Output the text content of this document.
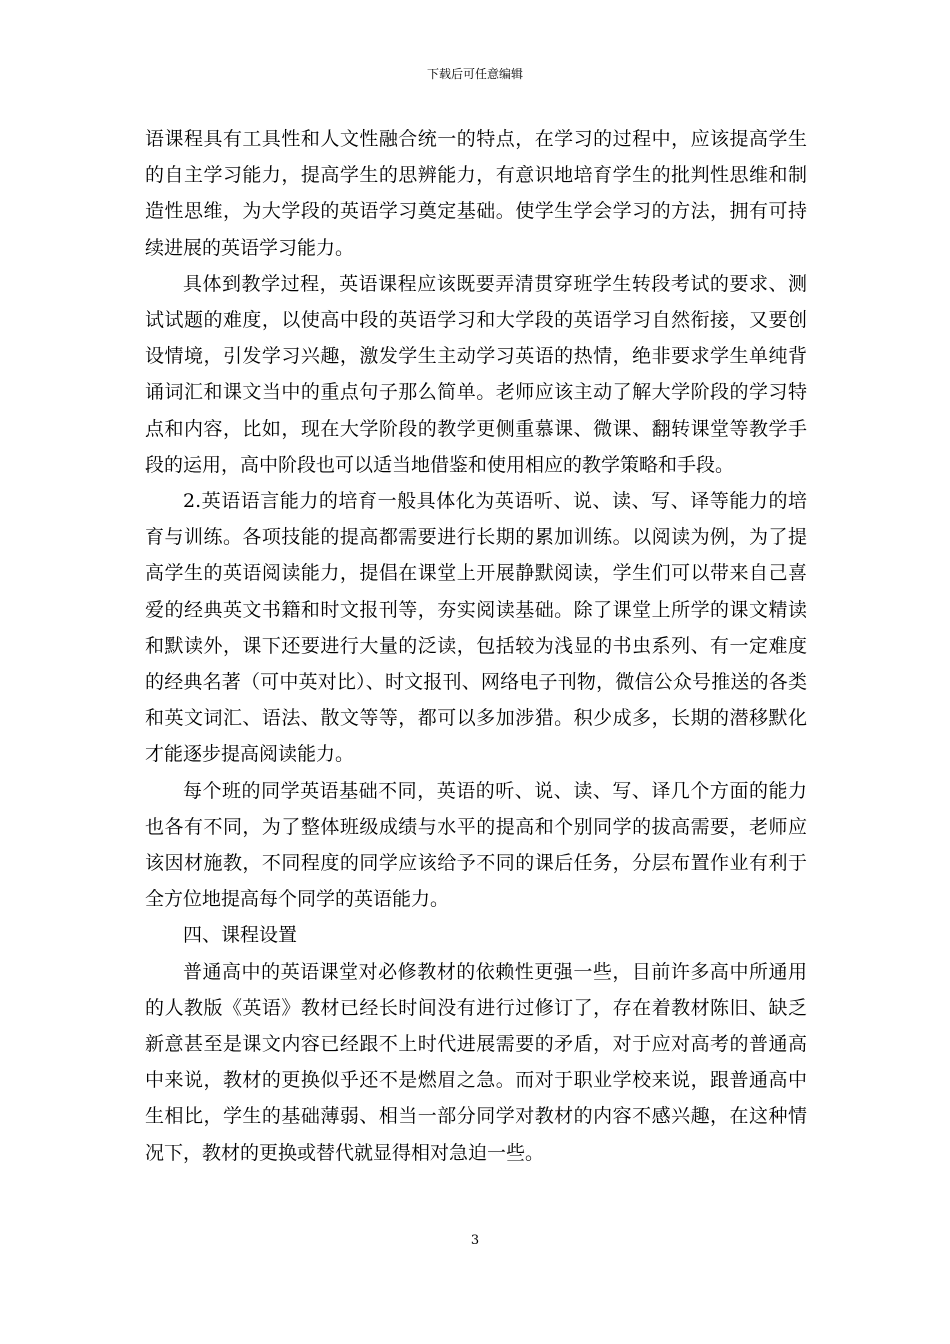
下载后可任意编辑

语课程具有工具性和人文性融合统一的特点，在学习的过程中，应该提高学生的自主学习能力，提高学生的思辨能力，有意识地培育学生的批判性思维和制造性思维，为大学段的英语学习奠定基础。使学生学会学习的方法，拥有可持续进展的英语学习能力。

具体到教学过程，英语课程应该既要弄清贯穿班学生转段考试的要求、测试试题的难度，以使高中段的英语学习和大学段的英语学习自然衔接，又要创设情境，引发学习兴趣，激发学生主动学习英语的热情，绝非要求学生单纯背诵词汇和课文当中的重点句子那么简单。老师应该主动了解大学阶段的学习特点和内容，比如，现在大学阶段的教学更侧重慕课、微课、翻转课堂等教学手段的运用，高中阶段也可以适当地借鉴和使用相应的教学策略和手段。

2.英语语言能力的培育一般具体化为英语听、说、读、写、译等能力的培育与训练。各项技能的提高都需要进行长期的累加训练。以阅读为例，为了提高学生的英语阅读能力，提倡在课堂上开展静默阅读，学生们可以带来自己喜爱的经典英文书籍和时文报刊等，夯实阅读基础。除了课堂上所学的课文精读和默读外，课下还要进行大量的泛读，包括较为浅显的书虫系列、有一定难度的经典名著（可中英对比）、时文报刊、网络电子刊物，微信公众号推送的各类和英文词汇、语法、散文等等，都可以多加涉猎。积少成多，长期的潜移默化才能逐步提高阅读能力。

每个班的同学英语基础不同，英语的听、说、读、写、译几个方面的能力也各有不同，为了整体班级成绩与水平的提高和个别同学的拔高需要，老师应该因材施教，不同程度的同学应该给予不同的课后任务，分层布置作业有利于全方位地提高每个同学的英语能力。

四、课程设置

普通高中的英语课堂对必修教材的依赖性更强一些，目前许多高中所通用的人教版《英语》教材已经长时间没有进行过修订了，存在着教材陈旧、缺乏新意甚至是课文内容已经跟不上时代进展需要的矛盾，对于应对高考的普通高中来说，教材的更换似乎还不是燃眉之急。而对于职业学校来说，跟普通高中生相比，学生的基础薄弱、相当一部分同学对教材的内容不感兴趣，在这种情况下，教材的更换或替代就显得相对急迫一些。

3
